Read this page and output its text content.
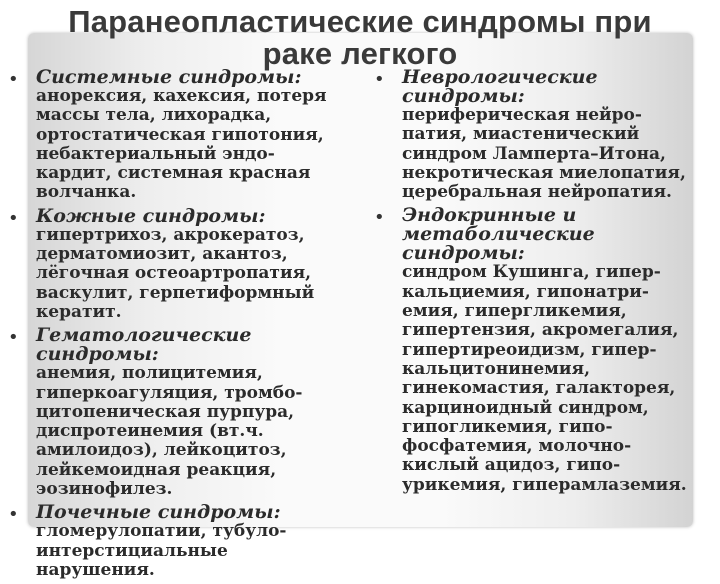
Паранеопластические синдромы при
раке легкого
• Системные синдромы:
анорексия, кахексия, потеря
массы тела, лихорадка,
ортостатическая гипотония,
небактериальный эндо-
кардит, системная красная
волчанка.
• Кожные синдромы:
гипертрихоз, акрокератоз,
дерматомиозит, акантоз,
лёгочная остеоартропатия,
васкулит, герпетиформный
кератит.
• Гематологические синдромы:
анемия, полицитемия,
гиперкоагуляция, тромбо-
цитопеническая пурпура,
диспротеинемия (вт.ч.
амилоидоз), лейкоцитоз,
лейкемоидная реакция,
эозинофилез.
• Почечные синдромы:
гломерулопатии, тубуло-
интерстициальные
нарушения.
• Неврологические синдромы:
периферическая нейро-
патия, миастенический
синдром Ламперта–Итона,
некротическая миелопатия,
церебральная нейропатия.
• Эндокринные и
метаболические синдромы:
синдром Кушинга, гипер-
кальциемия, гипонатри-
емия, гипергликемия,
гипертензия, акромегалия,
гипертиреоидизм, гипер-
кальцитонинемия,
гинекомастия, галакторея,
карциноидный синдром,
гипогликемия, гипо-
фосфатемия, молочно-
кислый ацидоз, гипо-
урикемия, гиперамлаземия.
